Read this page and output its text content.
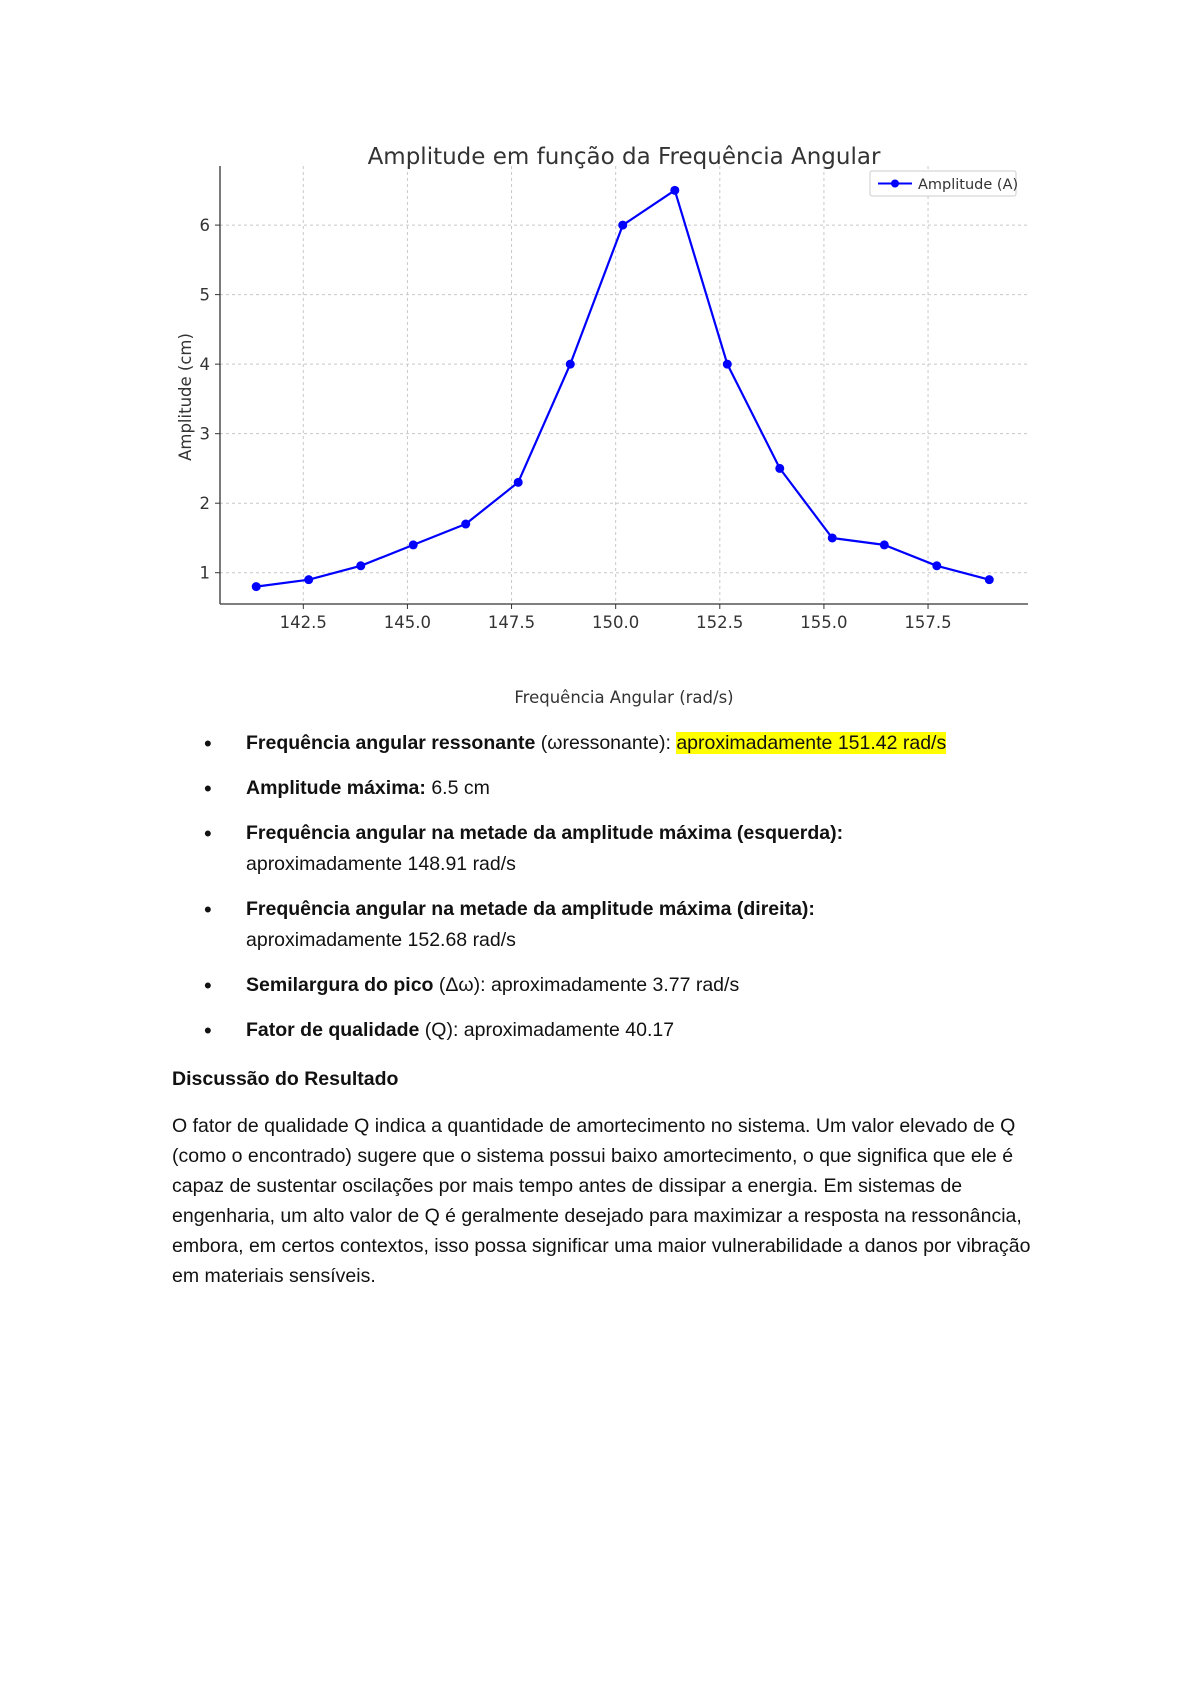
Amplitude em função da Frequência Angular
142.5	145.0	147.5	150.0	152.5	155.0	157.5
1
2
3
4
5
6
Frequência Angular (rad/s)
Amplitude (cm)
Amplitude (A)
• Frequência angular ressonante (ωressonante): aproximadamente 151.42 rad/s
• Amplitude máxima: 6.5 cm
• Frequência angular na metade da amplitude máxima (esquerda):
aproximadamente 148.91 rad/s
• Frequência angular na metade da amplitude máxima (direita):
aproximadamente 152.68 rad/s
• Semilargura do pico (Δω): aproximadamente 3.77 rad/s
• Fator de qualidade (Q): aproximadamente 40.17
Discussão do Resultado

O fator de qualidade Q indica a quantidade de amortecimento no sistema. Um valor elevado de Q (como o encontrado) sugere que o sistema possui baixo amortecimento, o que significa que ele é capaz de sustentar oscilações por mais tempo antes de dissipar a energia. Em sistemas de engenharia, um alto valor de Q é geralmente desejado para maximizar a resposta na ressonância, embora, em certos contextos, isso possa significar uma maior vulnerabilidade a danos por vibração em materiais sensíveis.
